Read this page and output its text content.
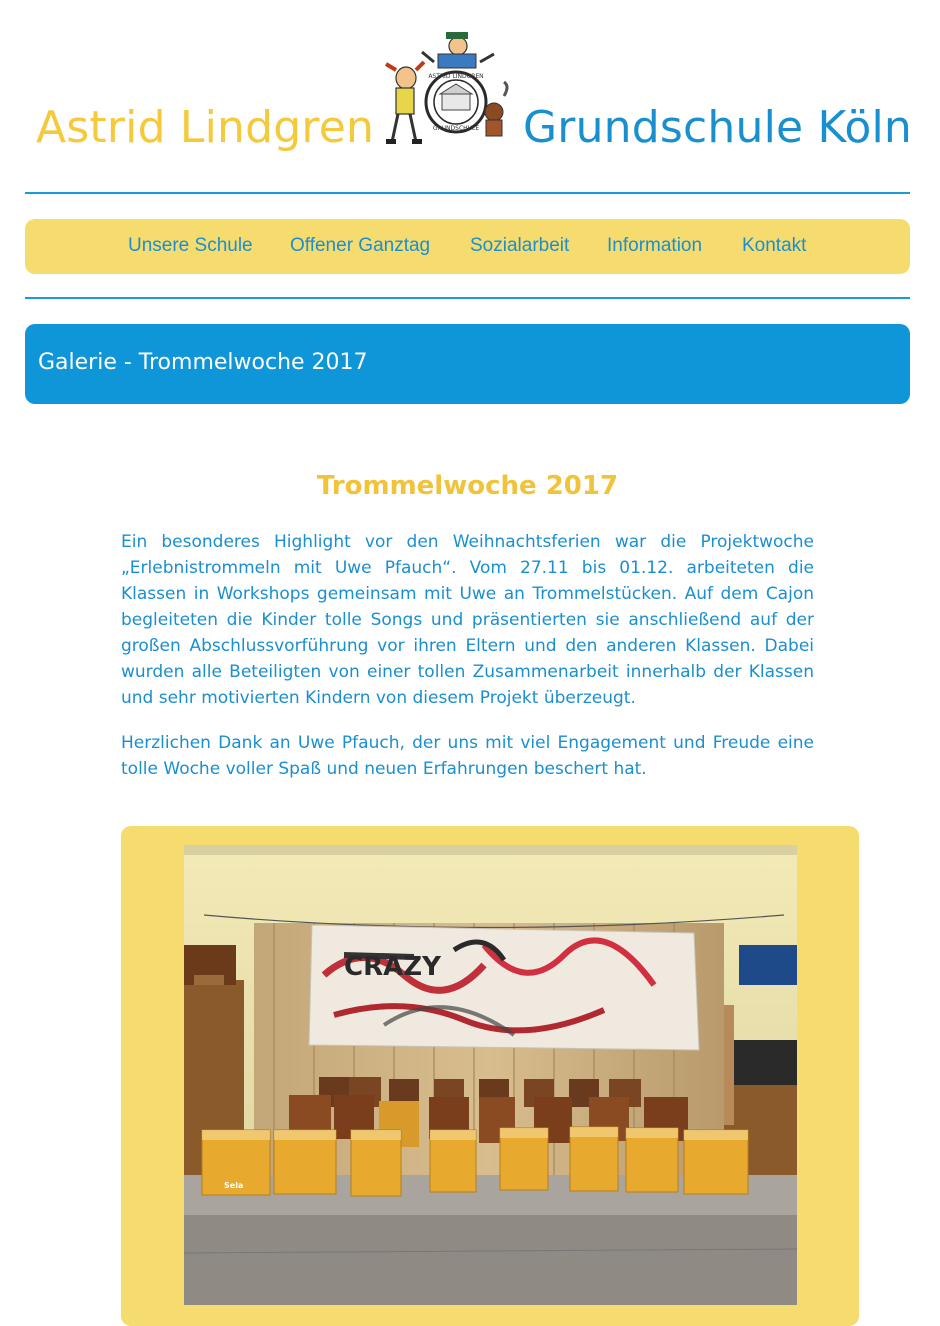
Astrid Lindgren
ASTRID LINDGREN
GRUNDSCHULE Grundschule Köln
Unsere Schule Offener Ganztag Sozialarbeit Information Kontakt
Galerie - Trommelwoche 2017
Trommelwoche 2017

Ein besonderes Highlight vor den Weihnachtsferien war die Projektwoche „Erlebnistrommeln mit Uwe Pfauch“. Vom 27.11 bis 01.12. arbeiteten die Klassen in Workshops gemeinsam mit Uwe an Trommelstücken. Auf dem Cajon begleiteten die Kinder tolle Songs und präsentierten sie anschließend auf der großen Abschlussvorführung vor ihren Eltern und den anderen Klassen. Dabei wurden alle Beteiligten von einer tollen Zusammenarbeit innerhalb der Klassen und sehr motivierten Kindern von diesem Projekt überzeugt.

Herzlichen Dank an Uwe Pfauch, der uns mit viel Engagement und Freude eine tolle Woche voller Spaß und neuen Erfahrungen beschert hat.

CRAZY
Sela
